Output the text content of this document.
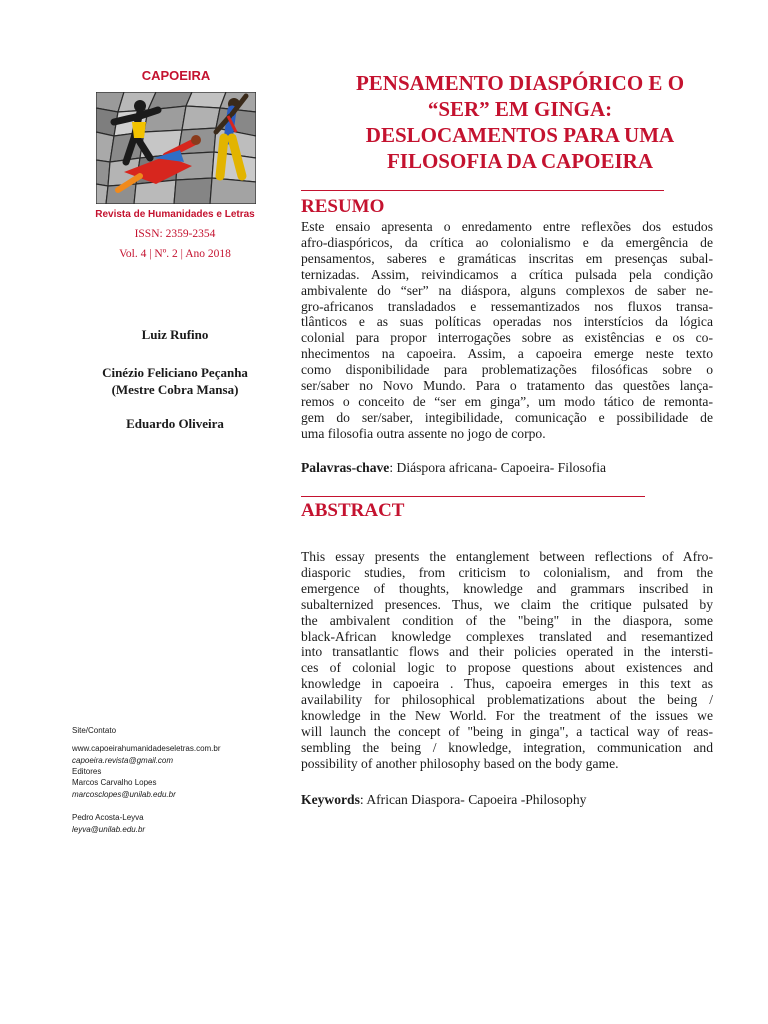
CAPOEIRA
Revista de Humanidades e Letras
ISSN: 2359-2354
Vol. 4 | Nº. 2 | Ano 2018
Luiz Rufino
Cinézio Feliciano Peçanha
(Mestre Cobra Mansa)
Eduardo Oliveira
Site/Contato
www.capoeirahumanidadeseletras.com.br
capoeira.revista@gmail.com
Editores
Marcos Carvalho Lopes
marcosclopes@unilab.edu.br
Pedro Acosta-Leyva
leyva@unilab.edu.br
PENSAMENTO DIASPÓRICO E O
“SER” EM GINGA:
DESLOCAMENTOS PARA UMA
FILOSOFIA DA CAPOEIRA
RESUMO
Este ensaio apresenta o enredamento entre reflexões dos estudos
afro-diaspóricos, da crítica ao colonialismo e da emergência de
pensamentos, saberes e gramáticas inscritas em presenças subal-
ternizadas. Assim, reivindicamos a crítica pulsada pela condição
ambivalente do “ser” na diáspora, alguns complexos de saber ne-
gro-africanos transladados e ressemantizados nos fluxos transa-
tlânticos e as suas políticas operadas nos interstícios da lógica
colonial para propor interrogações sobre as existências e os co-
nhecimentos na capoeira. Assim, a capoeira emerge neste texto
como disponibilidade para problematizações filosóficas sobre o
ser/saber no Novo Mundo. Para o tratamento das questões lança-
remos o conceito de “ser em ginga”, um modo tático de remonta-
gem do ser/saber, integibilidade, comunicação e possibilidade de
uma filosofia outra assente no jogo de corpo.
Palavras-chave: Diáspora africana- Capoeira- Filosofia
ABSTRACT
This essay presents the entanglement between reflections of Afro-
diasporic studies, from criticism to colonialism, and from the
emergence of thoughts, knowledge and grammars inscribed in
subalternized presences. Thus, we claim the critique pulsated by
the ambivalent condition of the "being" in the diaspora, some
black-African knowledge complexes translated and resemantized
into transatlantic flows and their policies operated in the intersti-
ces of colonial logic to propose questions about existences and
knowledge in capoeira . Thus, capoeira emerges in this text as
availability for philosophical problematizations about the being /
knowledge in the New World. For the treatment of the issues we
will launch the concept of "being in ginga", a tactical way of reas-
sembling the being / knowledge, integration, communication and
possibility of another philosophy based on the body game.
Keywords: African Diaspora- Capoeira -Philosophy
